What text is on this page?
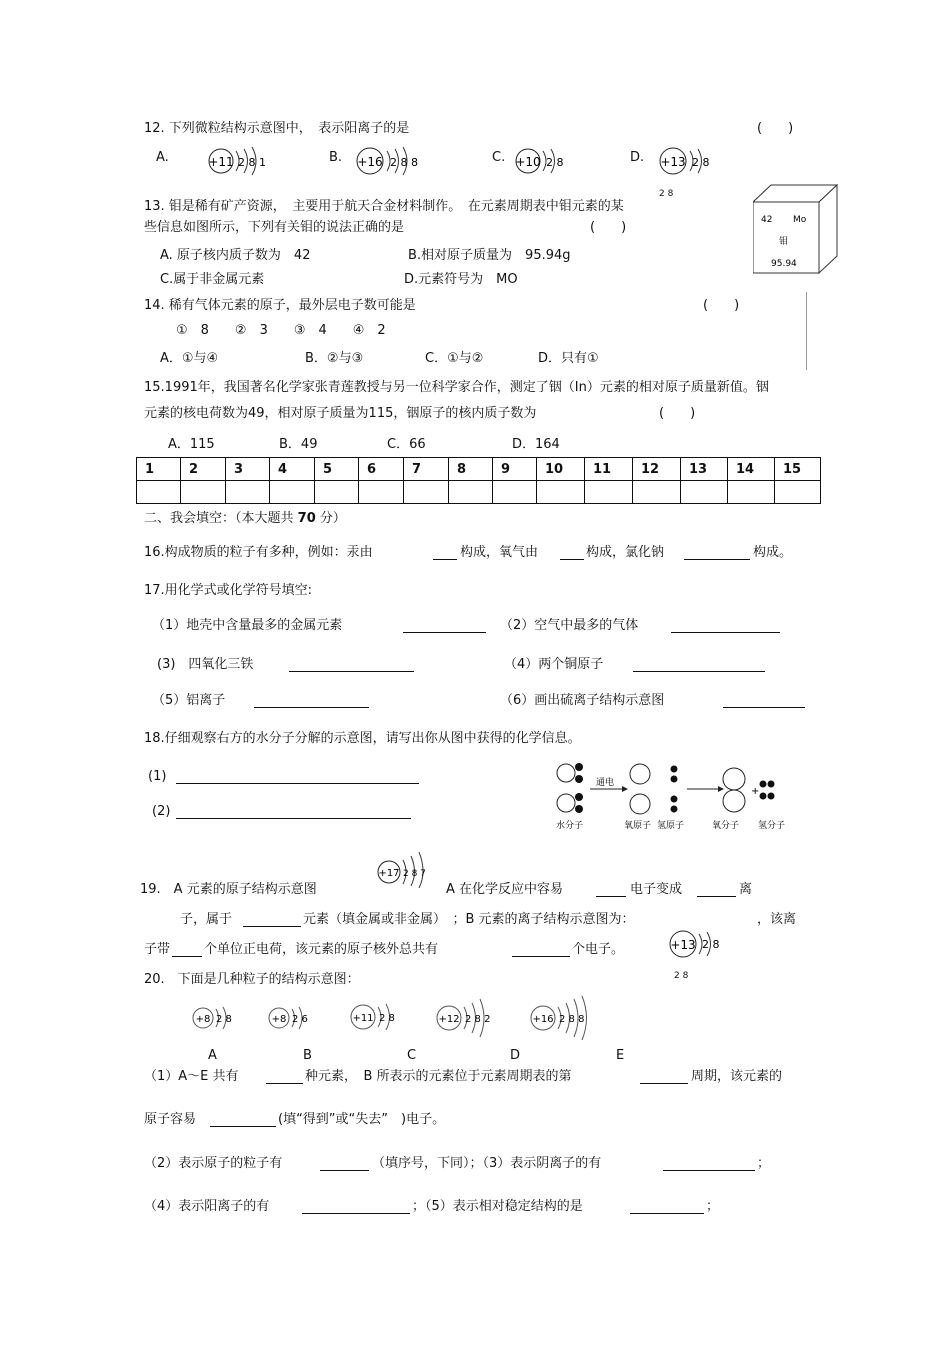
12. 下列微粒结构示意图中，　表示阳离子的是	(　　)
A.	+11 2 8 1	B. +16 2 8 8	C. +10 2 8	D. +13 2 8
2 8
13. 钼是稀有矿产资源，　主要用于航天合金材料制作。　在元素周期表中钼元素的某
些信息如图所示，下列有关钼的说法正确的是	(　　)
A. 原子核内质子数为　42	B.相对原子质量为　95.94g
C.属于非金属元素	D.元素符号为　MO
42 Mo
钼
95.94
14. 稀有气体元素的原子，最外层电子数可能是	(　　)
①　8　　②　3　　③　4　　④　2
A．①与④	B．②与③	C．①与②	D．只有①
15.1991年，我国著名化学家张青莲教授与另一位科学家合作，测定了铟（In）元素的相对原子质量新值。铟
元素的核电荷数为49，相对原子质量为115，铟原子的核内质子数为	(　　)
A．115	B．49	C．66	D．164
1	2	3	4	5	6	7	8	9	10	11	12	13	14	15

二、我会填空：（本大题共 70 分）
16.构成物质的粒子有多种，例如：汞由	构成，氧气由	构成，氯化钠	构成。
17.用化学式或化学符号填空:
（1）地壳中含量最多的金属元素	（2）空气中最多的气体
(3)　四氧化三铁	（4）两个铜原子
（5）铝离子	（6）画出硫离子结构示意图
18.仔细观察右方的水分子分解的示意图，请写出你从图中获得的化学信息。
(1)
(2)
通电
+
水分子	氧原子 氢原子	氧分子 氢分子
+17 2 8 7
19.　A 元素的原子结构示意图	A 在化学反应中容易	电子变成	离
子，属于	元素（填金属或非金属）　；B 元素的离子结构示意图为：	，该离
子带	个单位正电荷，该元素的原子核外总共有	个电子。	+13 2 8
2 8
20.　下面是几种粒子的结构示意图：
+8 2 8	+8 2 6	+11 2 8	+12 2 8 2	+16 2 8 8
A	B	C	D	E
（1）A～E 共有	种元素，　B 所表示的元素位于元素周期表的第	周期，该元素的
原子容易	(填“得到”或“失去”　)电子。
（2）表示原子的粒子有	（填序号，下同）；（3）表示阴离子的有	；
（4）表示阳离子的有	；（5）表示相对稳定结构的是	；
